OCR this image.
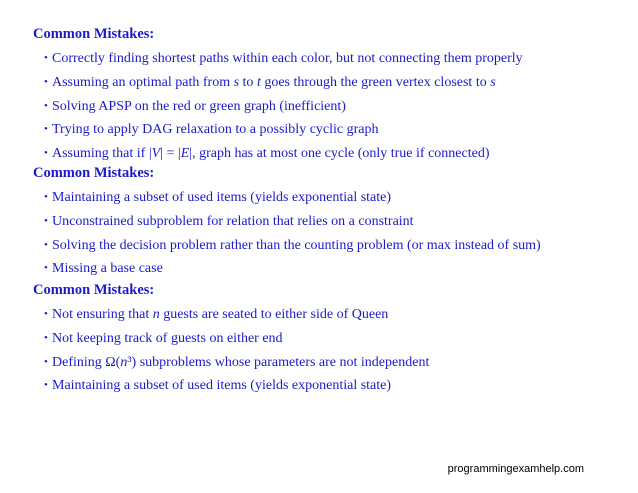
Common Mistakes:
• Correctly finding shortest paths within each color, but not connecting them properly
• Assuming an optimal path from s to t goes through the green vertex closest to s
• Solving APSP on the red or green graph (inefficient)
• Trying to apply DAG relaxation to a possibly cyclic graph
• Assuming that if |V| = |E|, graph has at most one cycle (only true if connected)
Common Mistakes:
• Maintaining a subset of used items (yields exponential state)
• Unconstrained subproblem for relation that relies on a constraint
• Solving the decision problem rather than the counting problem (or max instead of sum)
• Missing a base case
Common Mistakes:
• Not ensuring that n guests are seated to either side of Queen
• Not keeping track of guests on either end
• Defining Ω(n³) subproblems whose parameters are not independent
• Maintaining a subset of used items (yields exponential state)
programmingexamhelp.com
